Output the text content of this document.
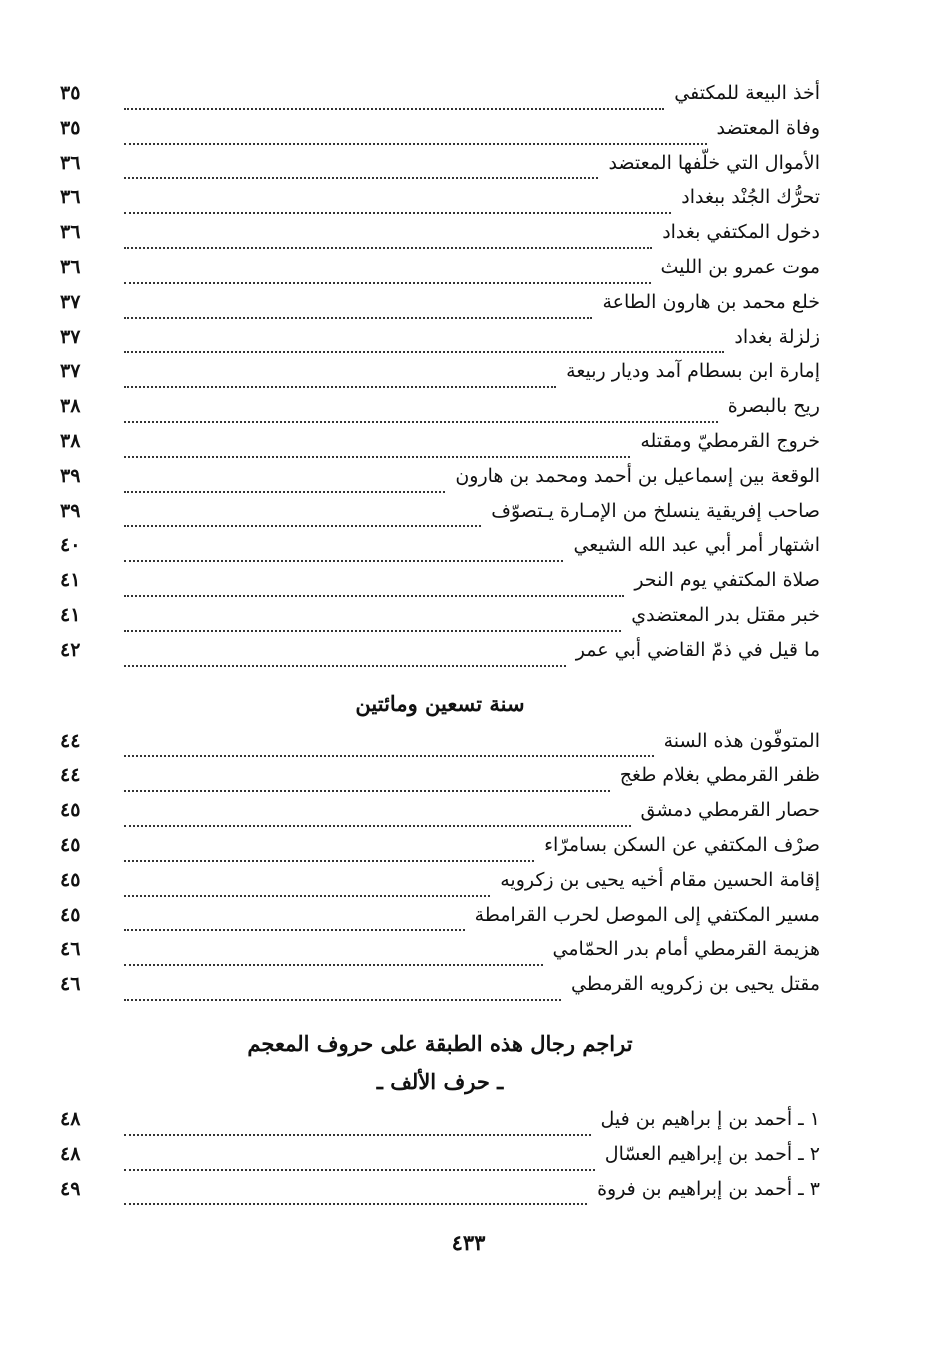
أخذ البيعة للمكتفي
٣٥
وفاة المعتضد
٣٥
الأموال التي خلّفها المعتضد
٣٦
تحرُّك الجُنْد ببغداد
٣٦
دخول المكتفي بغداد
٣٦
موت عمرو بن الليث
٣٦
خلع محمد بن هارون الطاعة
٣٧
زلزلة بغداد
٣٧
إمارة ابن بسطام آمد وديار ربيعة
٣٧
ريح بالبصرة
٣٨
خروج القرمطيّ ومقتله
٣٨
الوقعة بين إسماعيل بن أحمد ومحمد بن هارون
٣٩
صاحب إفريقية ينسلخ من الإمـارة يـتصوّف
٣٩
اشتهار أمر أبي عبد الله الشيعي
٤٠
صلاة المكتفي يوم النحر
٤١
خبر مقتل بدر المعتضدي
٤١
ما قيل في ذمّ القاضي أبي عمر
٤٢
سنة تسعين ومائتين
المتوفّون هذه السنة
٤٤
ظفر القرمطي بغلام طغج
٤٤
حصار القرمطي دمشق
٤٥
صرْف المكتفي عن السكن بسامرّاء
٤٥
إقامة الحسين مقام أخيه يحيى بن زكرويه
٤٥
مسير المكتفي إلى الموصل لحرب القرامطة
٤٥
هزيمة القرمطي أمام بدر الحمّامي
٤٦
مقتل يحيى بن زكرويه القرمطي
٤٦
تراجم رجال هذه الطبقة على حروف المعجم
ـ حرف الألف ـ
١ ـ أحمد بن إ براهيم بن فيل
٤٨
٢ ـ أحمد بن إبراهيم العسّال
٤٨
٣ ـ أحمد بن إبراهيم بن فروة
٤٩
٤٣٣
